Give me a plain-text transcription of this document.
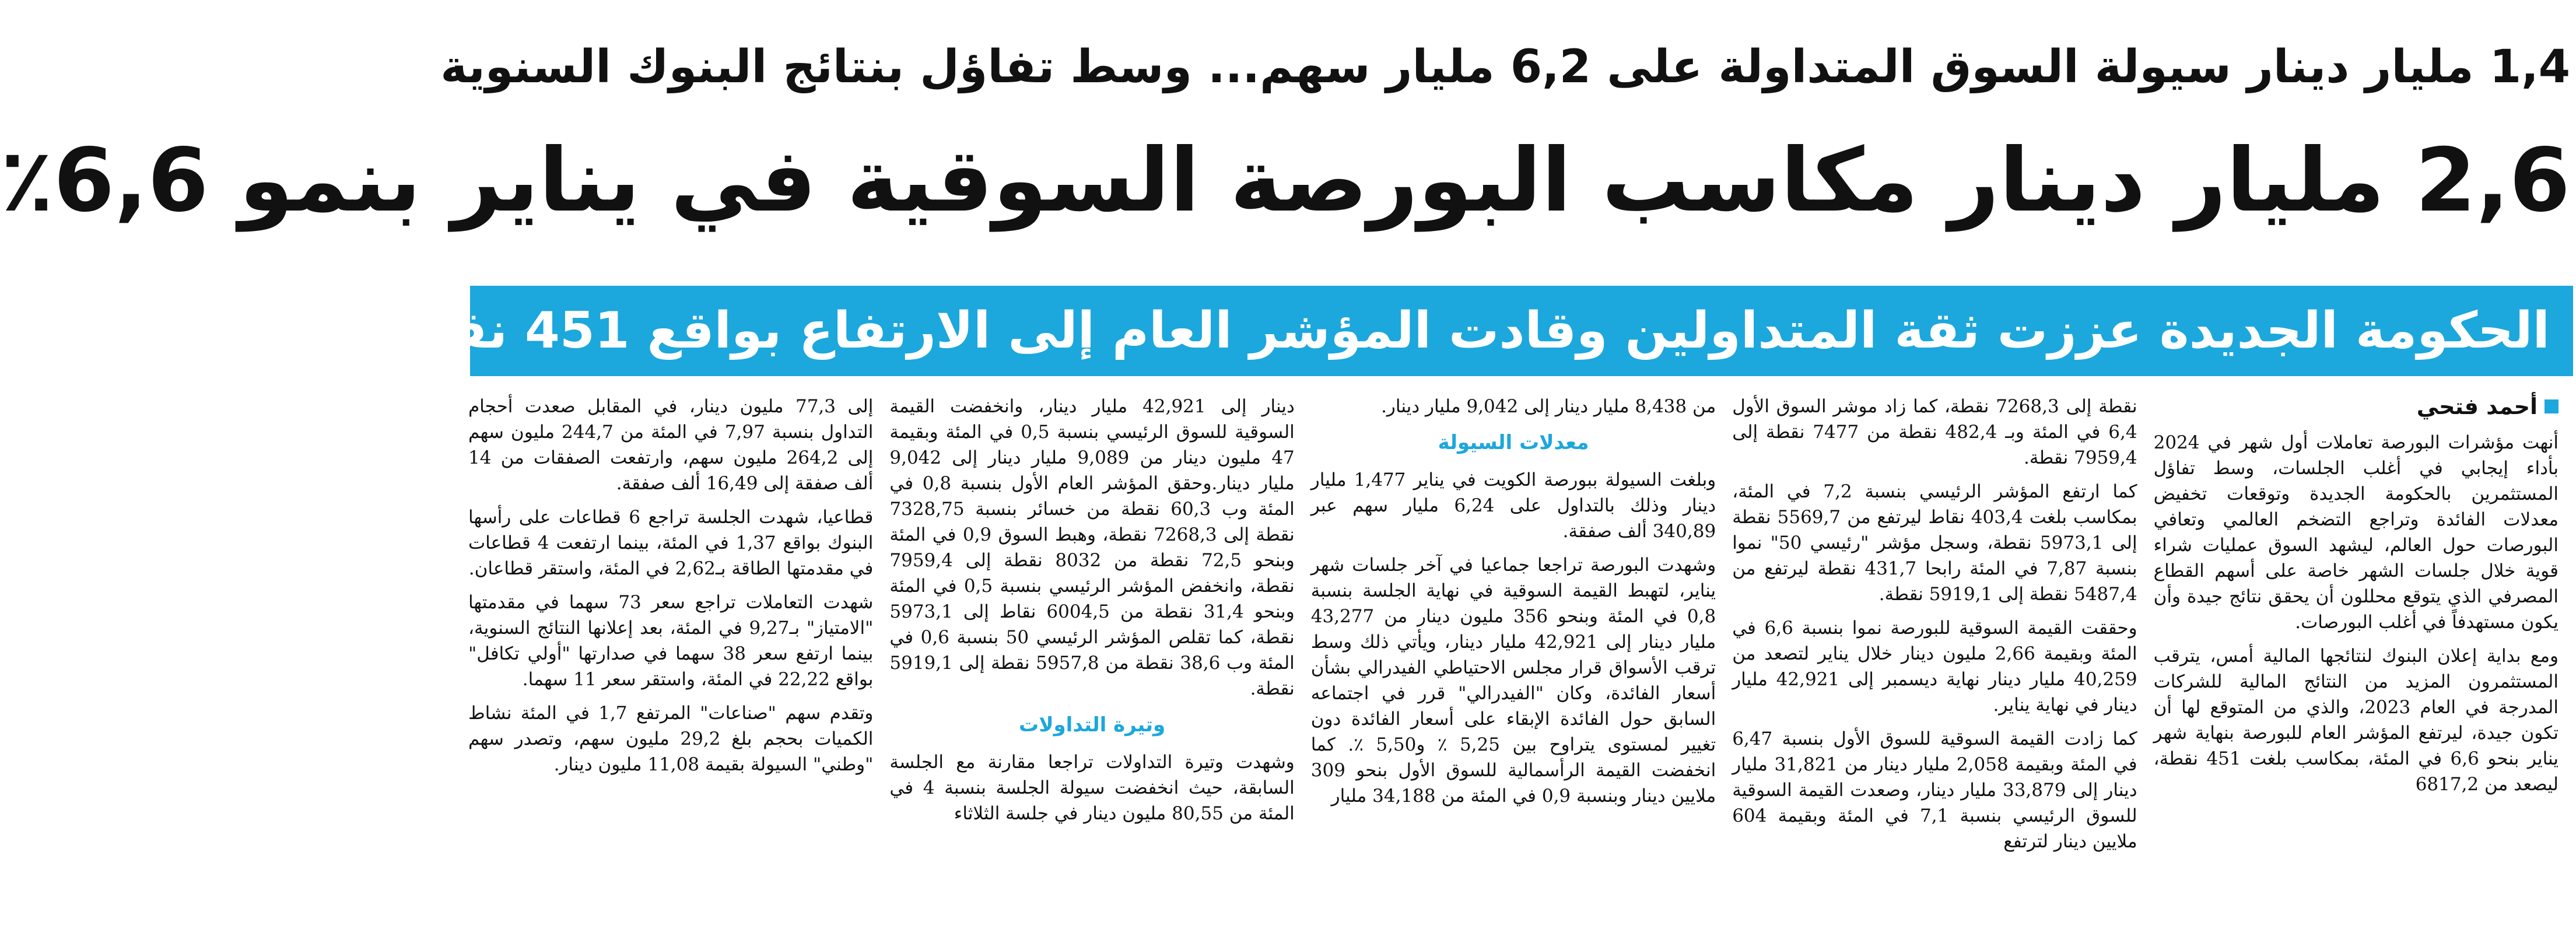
1,4 مليار دينار سيولة السوق المتداولة على 6,2 مليار سهم... وسط تفاؤل بنتائج البنوك السنوية
2,6 مليار دينار مكاسب البورصة السوقية في يناير بنمو 6,6٪
الحكومة الجديدة عززت ثقة المتداولين وقادت المؤشر العام إلى الارتفاع بواقع 451 نقطة
أحمد فتحي

أنهت مؤشرات البورصة تعاملات أول شهر في 2024 بأداء إيجابي في أغلب الجلسات، وسط تفاؤل المستثمرين بالحكومة الجديدة وتوقعات تخفيض معدلات الفائدة وتراجع التضخم العالمي وتعافي البورصات حول العالم، ليشهد السوق عمليات شراء قوية خلال جلسات الشهر خاصة على أسهم القطاع المصرفي الذي يتوقع محللون أن يحقق نتائج جيدة وأن يكون مستهدفاً في أغلب البورصات.

ومع بداية إعلان البنوك لنتائجها المالية أمس، يترقب المستثمرون المزيد من النتائج المالية للشركات المدرجة في العام 2023، والذي من المتوقع لها أن تكون جيدة، ليرتفع المؤشر العام للبورصة بنهاية شهر يناير بنحو 6,6 في المئة، بمكاسب بلغت 451 نقطة، ليصعد من 6817,2

نقطة إلى 7268,3 نقطة، كما زاد موشر السوق الأول 6,4 في المئة وبـ 482,4 نقطة من 7477 نقطة إلى 7959,4 نقطة.

كما ارتفع المؤشر الرئيسي بنسبة 7,2 في المئة، بمكاسب بلغت 403,4 نقاط ليرتفع من 5569,7 نقطة إلى 5973,1 نقطة، وسجل مؤشر "رئيسي 50" نموا بنسبة 7,87 في المئة رابحا 431,7 نقطة ليرتفع من 5487,4 نقطة إلى 5919,1 نقطة.

وحققت القيمة السوقية للبورصة نموا بنسبة 6,6 في المئة وبقيمة 2,66 مليون دينار خلال يناير لتصعد من 40,259 مليار دينار نهاية ديسمبر إلى 42,921 مليار دينار في نهاية يناير.

كما زادت القيمة السوقية للسوق الأول بنسبة 6,47 في المئة وبقيمة 2,058 مليار دينار من 31,821 مليار دينار إلى 33,879 مليار دينار، وصعدت القيمة السوقية للسوق الرئيسي بنسبة 7,1 في المئة وبقيمة 604 ملايين دينار لترتفع

من 8,438 مليار دينار إلى 9,042 مليار دينار.

معدلات السيولة

وبلغت السيولة ببورصة الكويت في يناير 1,477 مليار دينار وذلك بالتداول على 6,24 مليار سهم عبر 340,89 ألف صفقة.

وشهدت البورصة تراجعا جماعيا في آخر جلسات شهر يناير، لتهبط القيمة السوقية في نهاية الجلسة بنسبة 0,8 في المئة وبنحو 356 مليون دينار من 43,277 مليار دينار إلى 42,921 مليار دينار، ويأتي ذلك وسط ترقب الأسواق قرار مجلس الاحتياطي الفيدرالي بشأن أسعار الفائدة، وكان "الفيدرالي" قرر في اجتماعه السابق حول الفائدة الإبقاء على أسعار الفائدة دون تغيير لمستوى يتراوح بين 5,25 ٪ و5,50 ٪. كما انخفضت القيمة الرأسمالية للسوق الأول بنحو 309 ملايين دينار وبنسبة 0,9 في المئة من 34,188 مليار

دينار إلى 42,921 مليار دينار، وانخفضت القيمة السوقية للسوق الرئيسي بنسبة 0,5 في المئة وبقيمة 47 مليون دينار من 9,089 مليار دينار إلى 9,042 مليار دينار.وحقق المؤشر العام الأول بنسبة 0,8 في المئة وب 60,3 نقطة من خسائر بنسبة 7328,75 نقطة إلى 7268,3 نقطة، وهبط السوق 0,9 في المئة وبنحو 72,5 نقطة من 8032 نقطة إلى 7959,4 نقطة، وانخفض المؤشر الرئيسي بنسبة 0,5 في المئة وبنحو 31,4 نقطة من 6004,5 نقاط إلى 5973,1 نقطة، كما تقلص المؤشر الرئيسي 50 بنسبة 0,6 في المئة وب 38,6 نقطة من 5957,8 نقطة إلى 5919,1 نقطة.

وتيرة التداولات

وشهدت وتيرة التداولات تراجعا مقارنة مع الجلسة السابقة، حيث انخفضت سيولة الجلسة بنسبة 4 في المئة من 80,55 مليون دينار في جلسة الثلاثاء

إلى 77,3 مليون دينار، في المقابل صعدت أحجام التداول بنسبة 7,97 في المئة من 244,7 مليون سهم إلى 264,2 مليون سهم، وارتفعت الصفقات من 14 ألف صفقة إلى 16,49 ألف صفقة.

قطاعيا، شهدت الجلسة تراجع 6 قطاعات على رأسها البنوك بواقع 1,37 في المئة، بينما ارتفعت 4 قطاعات في مقدمتها الطاقة بـ2,62 في المئة، واستقر قطاعان.

شهدت التعاملات تراجع سعر 73 سهما في مقدمتها "الامتياز" بـ9,27 في المئة، بعد إعلانها النتائج السنوية، بينما ارتفع سعر 38 سهما في صدارتها "أولي تكافل" بواقع 22,22 في المئة، واستقر سعر 11 سهما.

وتقدم سهم "صناعات" المرتفع 1,7 في المئة نشاط الكميات بحجم بلغ 29,2 مليون سهم، وتصدر سهم "وطني" السيولة بقيمة 11,08 مليون دينار.
